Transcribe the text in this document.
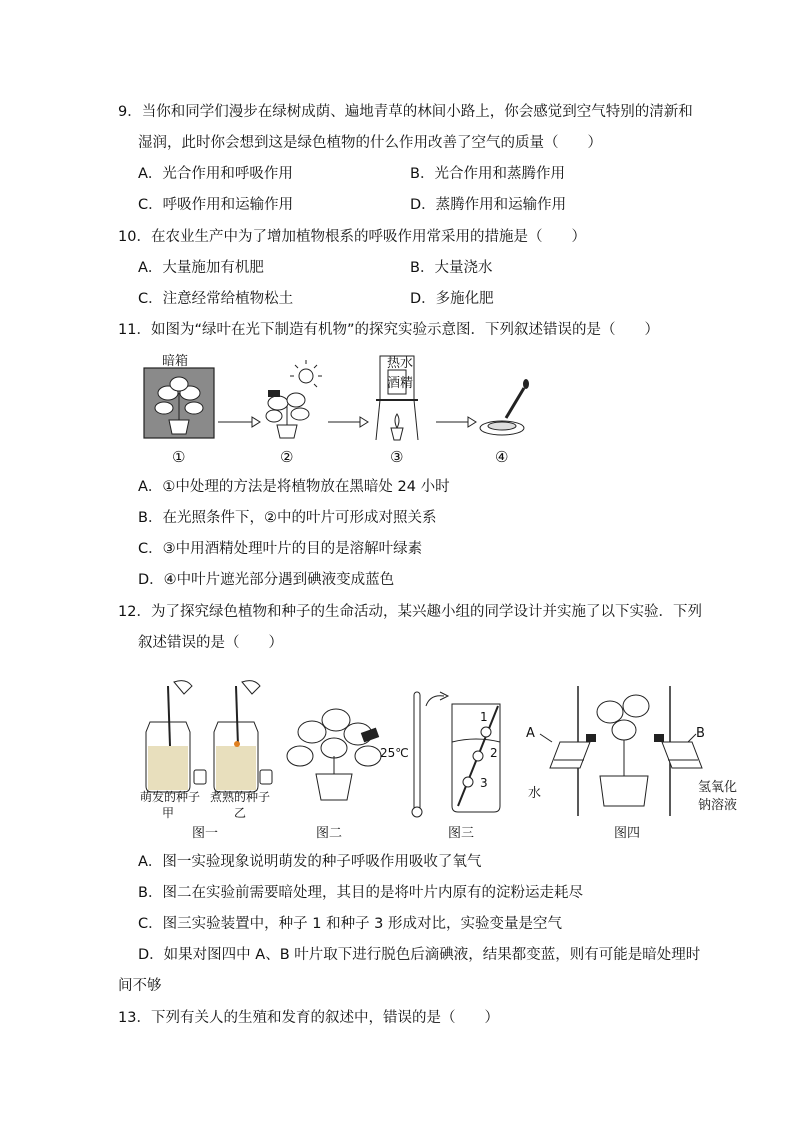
9．当你和同学们漫步在绿树成荫、遍地青草的林间小路上，你会感觉到空气特别的清新和
湿润，此时你会想到这是绿色植物的什么作用改善了空气的质量（　　）
A．光合作用和呼吸作用	B．光合作用和蒸腾作用
C．呼吸作用和运输作用	D．蒸腾作用和运输作用
10．在农业生产中为了增加植物根系的呼吸作用常采用的措施是（　　）
A．大量施加有机肥	B．大量浇水
C．注意经常给植物松土	D．多施化肥
11．如图为“绿叶在光下制造有机物”的探究实验示意图．下列叙述错误的是（　　）
暗箱	热水
酒精
①	②	③	④
A．①中处理的方法是将植物放在黑暗处 24 小时
B．在光照条件下，②中的叶片可形成对照关系
C．③中用酒精处理叶片的目的是溶解叶绿素
D．④中叶片遮光部分遇到碘液变成蓝色
12．为了探究绿色植物和种子的生命活动，某兴趣小组的同学设计并实施了以下实验．下列
叙述错误的是（　　）
萌发的种子
甲
煮熟的种子
乙
25℃
1
2
3
A	B
水	氢氧化
钠溶液
图一	图二	图三	图四
A．图一实验现象说明萌发的种子呼吸作用吸收了氧气
B．图二在实验前需要暗处理，其目的是将叶片内原有的淀粉运走耗尽
C．图三实验装置中，种子 1 和种子 3 形成对比，实验变量是空气
D．如果对图四中 A、B 叶片取下进行脱色后滴碘液，结果都变蓝，则有可能是暗处理时
间不够
13．下列有关人的生殖和发育的叙述中，错误的是（　　）
